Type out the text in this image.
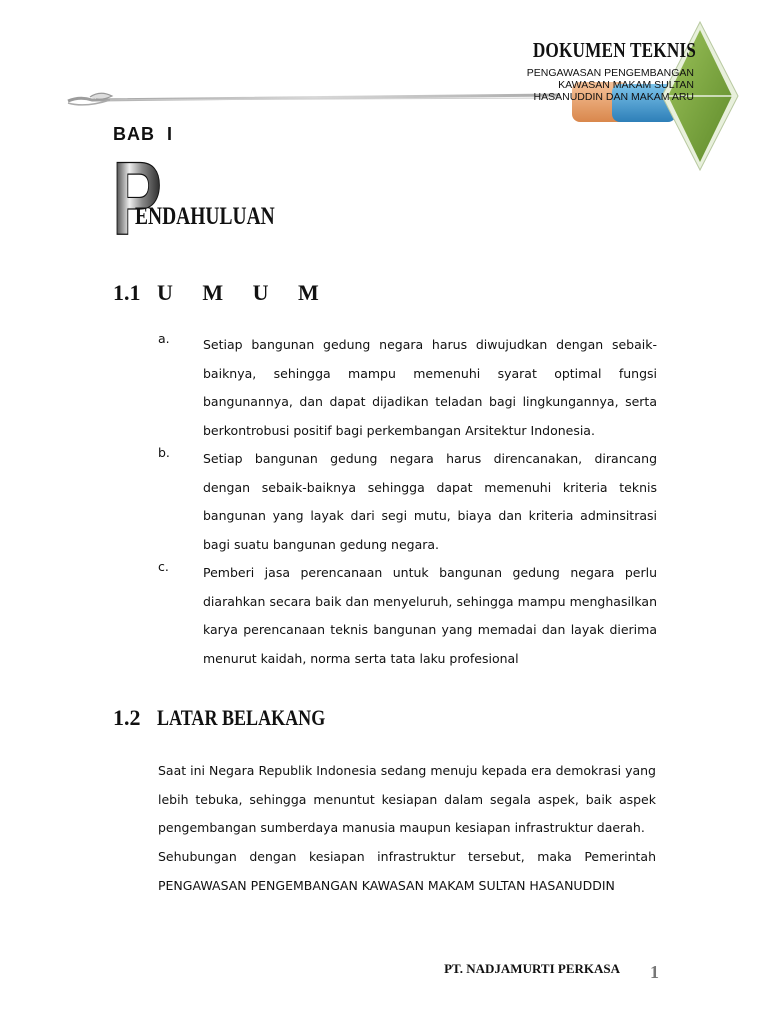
DOKUMEN TEKNIS
PENGAWASAN PENGEMBANGAN
KAWASAN MAKAM SULTAN
HASANUDDIN DAN MAKAM ARU
BAB I
P
ENDAHULUAN
1.1 U M U M
a.	Setiap bangunan gedung negara harus diwujudkan dengan sebaik-baiknya, sehingga mampu memenuhi syarat optimal fungsi bangunannya, dan dapat dijadikan teladan bagi lingkungannya, serta berkontrobusi positif bagi perkembangan Arsitektur Indonesia.
b.	Setiap bangunan gedung negara harus direncanakan, dirancang dengan sebaik-baiknya sehingga dapat memenuhi kriteria teknis bangunan yang layak dari segi mutu, biaya dan kriteria adminsitrasi bagi suatu bangunan gedung negara.
c.	Pemberi jasa perencanaan untuk bangunan gedung negara perlu diarahkan secara baik dan menyeluruh, sehingga mampu menghasilkan karya perencanaan teknis bangunan yang memadai dan layak dierima menurut kaidah, norma serta tata laku profesional
1.2 LATAR BELAKANG
Saat ini Negara Republik Indonesia sedang menuju kepada era demokrasi yang lebih tebuka, sehingga menuntut kesiapan dalam segala aspek, baik aspek pengembangan sumberdaya manusia maupun kesiapan infrastruktur daerah.
Sehubungan dengan kesiapan infrastruktur tersebut, maka Pemerintah PENGAWASAN PENGEMBANGAN KAWASAN MAKAM SULTAN HASANUDDIN
PT. NADJAMURTI PERKASA 1
